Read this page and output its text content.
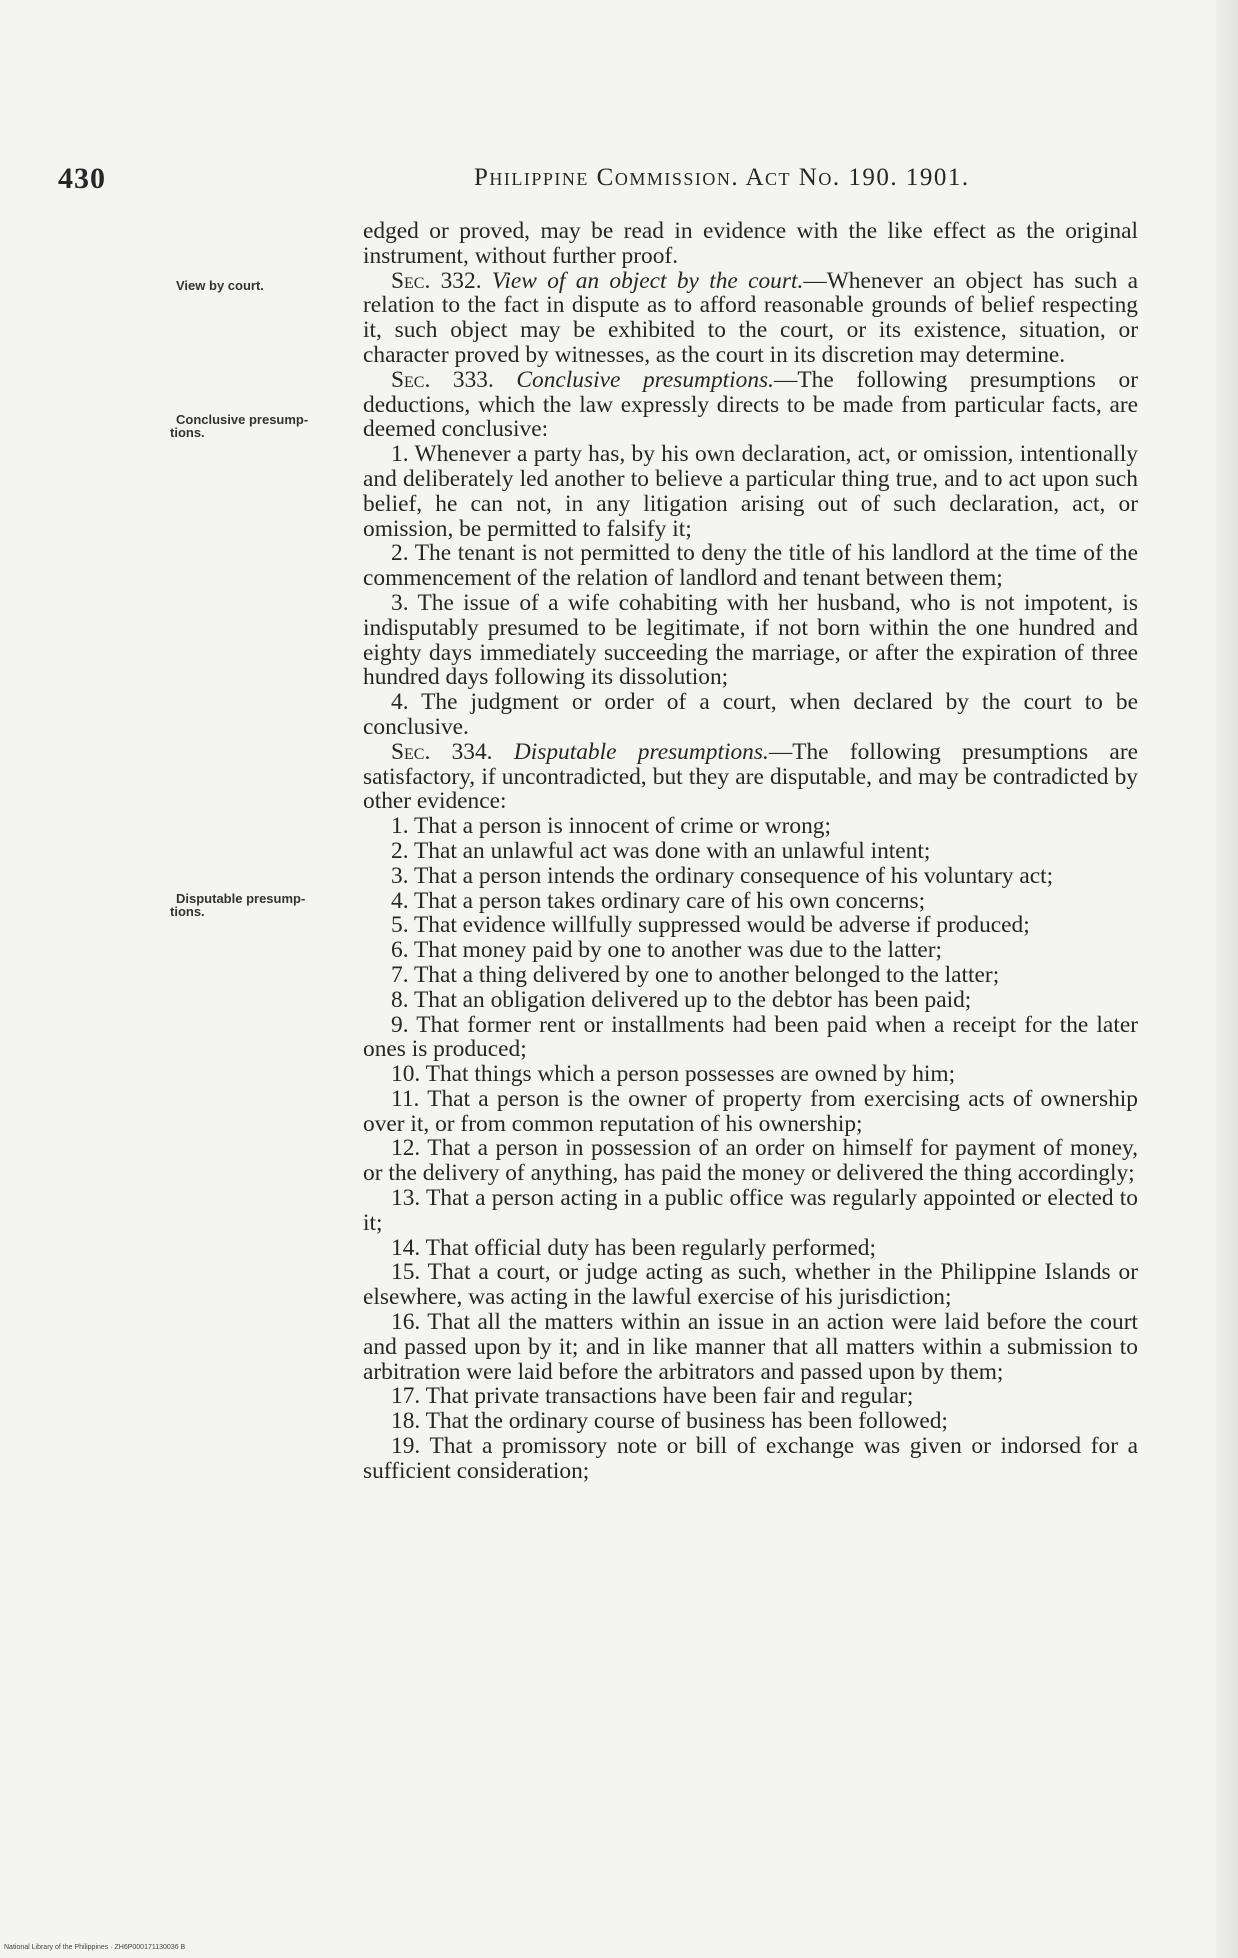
430	Philippine Commission. Act No. 190. 1901.
View by court.
Conclusive presump-
tions.
Disputable presump-
tions.

edged or proved, may be read in evidence with the like effect as the original instrument, without further proof.

Sec. 332. View of an object by the court.—Whenever an object has such a relation to the fact in dispute as to afford reasonable grounds of belief respecting it, such object may be exhibited to the court, or its existence, situation, or character proved by witnesses, as the court in its discretion may determine.

Sec. 333. Conclusive presumptions.—The following presumptions or deductions, which the law expressly directs to be made from particular facts, are deemed conclusive:

1. Whenever a party has, by his own declaration, act, or omission, intentionally and deliberately led another to believe a particular thing true, and to act upon such belief, he can not, in any litigation arising out of such declaration, act, or omission, be permitted to falsify it;

2. The tenant is not permitted to deny the title of his landlord at the time of the commencement of the relation of landlord and tenant between them;

3. The issue of a wife cohabiting with her husband, who is not impotent, is indisputably presumed to be legitimate, if not born within the one hundred and eighty days immediately succeeding the marriage, or after the expiration of three hundred days following its dissolution;

4. The judgment or order of a court, when declared by the court to be conclusive.

Sec. 334. Disputable presumptions.—The following presumptions are satisfactory, if uncontradicted, but they are disputable, and may be contradicted by other evidence:

1. That a person is innocent of crime or wrong;

2. That an unlawful act was done with an unlawful intent;

3. That a person intends the ordinary consequence of his voluntary act;

4. That a person takes ordinary care of his own concerns;

5. That evidence willfully suppressed would be adverse if produced;

6. That money paid by one to another was due to the latter;

7. That a thing delivered by one to another belonged to the latter;

8. That an obligation delivered up to the debtor has been paid;

9. That former rent or installments had been paid when a receipt for the later ones is produced;

10. That things which a person possesses are owned by him;

11. That a person is the owner of property from exercising acts of ownership over it, or from common reputation of his ownership;

12. That a person in possession of an order on himself for payment of money, or the delivery of anything, has paid the money or delivered the thing accordingly;

13. That a person acting in a public office was regularly appointed or elected to it;

14. That official duty has been regularly performed;

15. That a court, or judge acting as such, whether in the Philippine Islands or elsewhere, was acting in the lawful exercise of his jurisdiction;

16. That all the matters within an issue in an action were laid before the court and passed upon by it; and in like manner that all matters within a submission to arbitration were laid before the arbitrators and passed upon by them;

17. That private transactions have been fair and regular;

18. That the ordinary course of business has been followed;

19. That a promissory note or bill of exchange was given or indorsed for a sufficient consideration;

National Library of the Philippines · ZH6P000171130036 B
